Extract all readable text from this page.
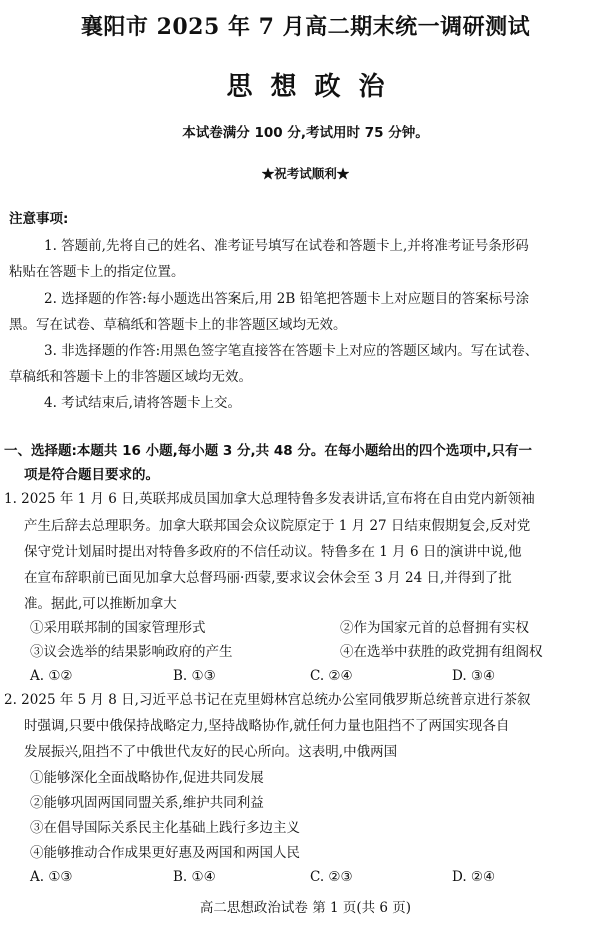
襄阳市 2025 年 7 月高二期末统一调研测试
思想政治
本试卷满分 100 分,考试用时 75 分钟。
★祝考试顺利★
注意事项:
1. 答题前,先将自己的姓名、准考证号填写在试卷和答题卡上,并将准考证号条形码
粘贴在答题卡上的指定位置。
2. 选择题的作答:每小题选出答案后,用 2B 铅笔把答题卡上对应题目的答案标号涂
黑。写在试卷、草稿纸和答题卡上的非答题区域均无效。
3. 非选择题的作答:用黑色签字笔直接答在答题卡上对应的答题区域内。写在试卷、
草稿纸和答题卡上的非答题区域均无效。
4. 考试结束后,请将答题卡上交。
一、选择题:本题共 16 小题,每小题 3 分,共 48 分。在每小题给出的四个选项中,只有一
项是符合题目要求的。
1. 2025 年 1 月 6 日,英联邦成员国加拿大总理特鲁多发表讲话,宣布将在自由党内新领袖
产生后辞去总理职务。加拿大联邦国会众议院原定于 1 月 27 日结束假期复会,反对党
保守党计划届时提出对特鲁多政府的不信任动议。特鲁多在 1 月 6 日的演讲中说,他
在宣布辞职前已面见加拿大总督玛丽·西蒙,要求议会休会至 3 月 24 日,并得到了批
准。据此,可以推断加拿大
①采用联邦制的国家管理形式	②作为国家元首的总督拥有实权
③议会选举的结果影响政府的产生	④在选举中获胜的政党拥有组阁权
A. ①②	B. ①③	C. ②④	D. ③④
2. 2025 年 5 月 8 日,习近平总书记在克里姆林宫总统办公室同俄罗斯总统普京进行茶叙
时强调,只要中俄保持战略定力,坚持战略协作,就任何力量也阻挡不了两国实现各自
发展振兴,阻挡不了中俄世代友好的民心所向。这表明,中俄两国
①能够深化全面战略协作,促进共同发展
②能够巩固两国同盟关系,维护共同利益
③在倡导国际关系民主化基础上践行多边主义
④能够推动合作成果更好惠及两国和两国人民
A. ①③	B. ①④	C. ②③	D. ②④
高二思想政治试卷 第 1 页(共 6 页)
